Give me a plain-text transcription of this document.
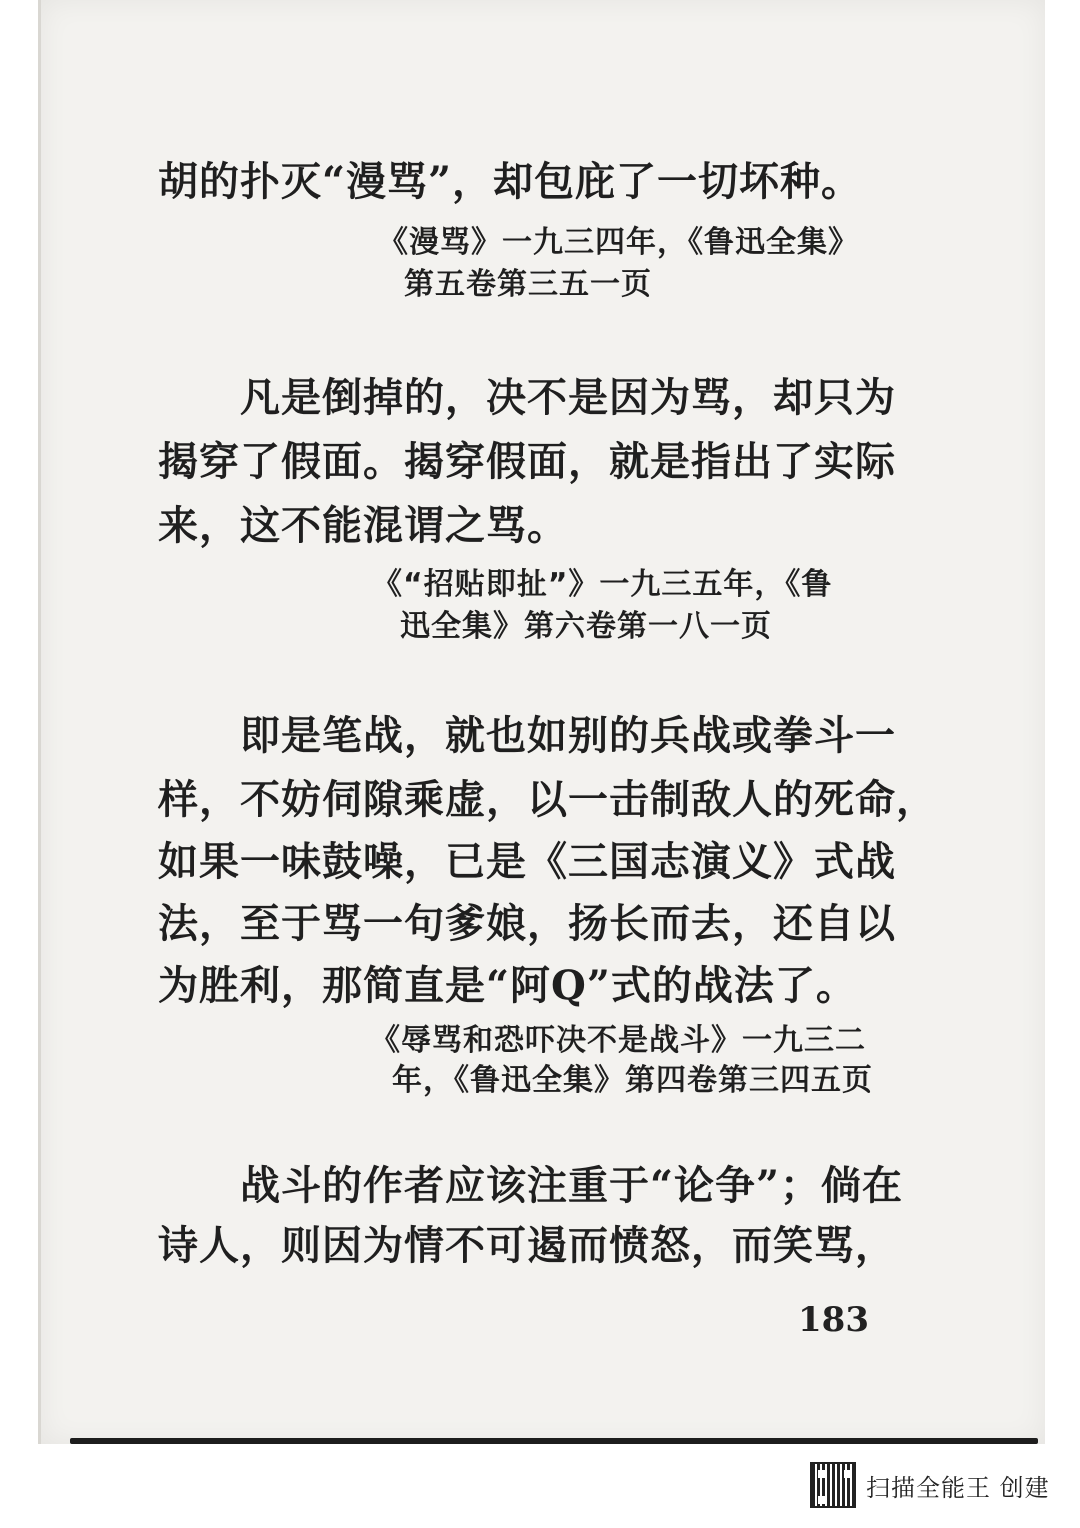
胡的扑灭“漫骂”，却包庇了一切坏种。
《漫骂》一九三四年，《鲁迅全集》
第五卷第三五一页
凡是倒掉的，决不是因为骂，却只为
揭穿了假面。揭穿假面，就是指出了实际
来，这不能混谓之骂。
《“招贴即扯”》一九三五年，《鲁
迅全集》第六卷第一八一页
即是笔战，就也如别的兵战或拳斗一
样，不妨伺隙乘虚，以一击制敌人的死命，
如果一味鼓噪，已是《三国志演义》式战
法，至于骂一句爹娘，扬长而去，还自以
为胜利，那简直是“阿Q”式的战法了。
《辱骂和恐吓决不是战斗》一九三二
年，《鲁迅全集》第四卷第三四五页
战斗的作者应该注重于“论争”；倘在
诗人，则因为情不可遏而愤怒，而笑骂，
183
扫描全能王 创建
